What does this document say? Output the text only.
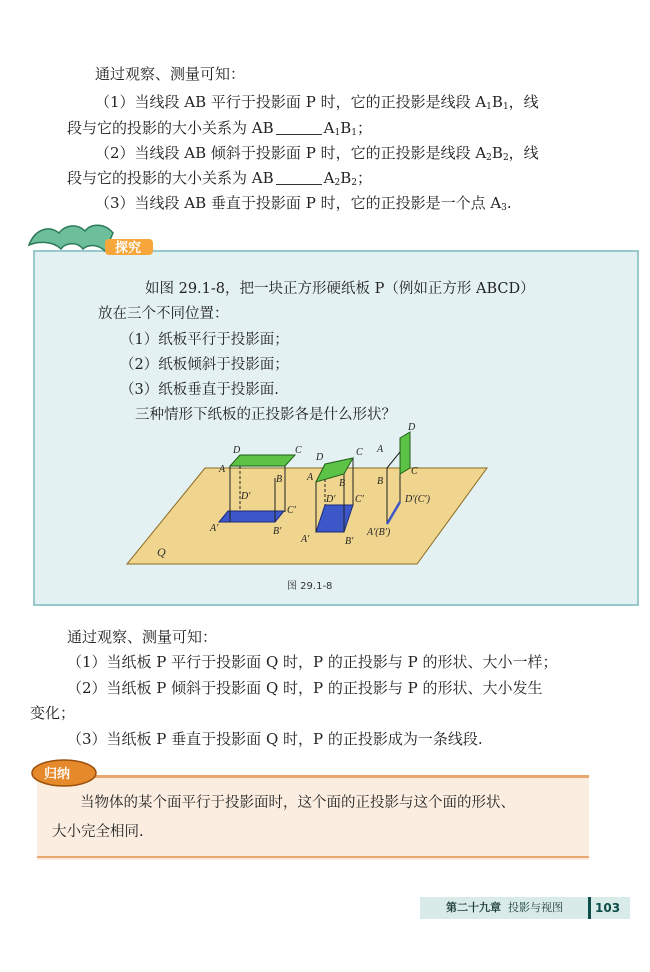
通过观察、测量可知：
（1）当线段 AB 平行于投影面 P 时，它的正投影是线段 $A_1B_1$，线
段与它的投影的大小关系为 AB	$A_1B_1$；
（2）当线段 AB 倾斜于投影面 P 时，它的正投影是线段 $A_2B_2$，线
段与它的投影的大小关系为 AB	$A_2B_2$；
（3）当线段 AB 垂直于投影面 P 时，它的正投影是一个点 $A_3$.
如图 29.1-8，把一块正方形硬纸板 P（例如正方形 ABCD）
放在三个不同位置：
（1）纸板平行于投影面；
（2）纸板倾斜于投影面；
（3）纸板垂直于投影面.
三种情形下纸板的正投影各是什么形状？
Q
D	C
A
B
D′
C′
A′	B′
D	C
A
B
D′ C′
A′	B′
D
A
C
B
D′(C′)
A′(B′)
图 29.1-8
探究
通过观察、测量可知：
（1）当纸板 P 平行于投影面 Q 时，P 的正投影与 P 的形状、大小一样；
（2）当纸板 P 倾斜于投影面 Q 时，P 的正投影与 P 的形状、大小发生
变化；
（3）当纸板 P 垂直于投影面 Q 时，P 的正投影成为一条线段.
归纳
当物体的某个面平行于投影面时，这个面的正投影与这个面的形状、
大小完全相同.
第二十九章 投影与视图	103
